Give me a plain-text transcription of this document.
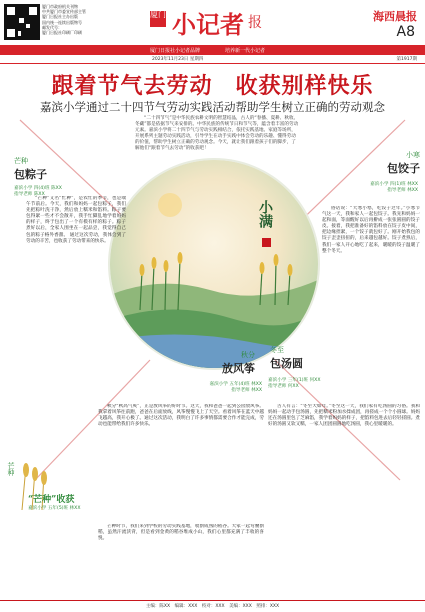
厦门市政府机关刊物
中共厦门市委宣传部主管
厦门日报社主办出版
国内统一连续出版物号
邮发代号：
厦门日报社印刷厂印刷
厦门 小记者 报	海西晨报
A8
厦门日报社小记者品牌	培养新一代小记者
2023年11月23日 星期四	第1917期
跟着节气去劳动　收获别样快乐
嘉滨小学通过二十四节气劳动实践活动帮助学生树立正确的劳动观念
“二十四节气”是中华民族农耕文明的智慧结晶，古人的“春播、夏耕、秋收、冬藏”都是依据节气来安排的。中华民族的传统节日和节气等，蕴含着丰富的劳动元素。嘉滨小学将二十四节气与劳动实践相结合，依托实践基地、家庭等场所，开展系列主题劳动实践活动，引导学生在动手实践中体会劳动的乐趣、懂得劳动的价值，帮助学生树立正确的劳动观念。今天，就让我们跟着孩子们的脚步，了解他们“跟着节气去劳动”的收获吧！
小满
芒种
包粽子
嘉滨小学 四(4)班 陈XX
指导老师 陈XX
“芒种”又名“忙种”，是农忙的季节，也是端午节前后。今天，我们和妈妈一起包粽子，我们先把粽叶洗干净，然后放上糯米和馅料。粽子要包得紧一些才不会散开，我手忙脚乱地学着妈妈的样子，终于包出了一个有模有样的粽子。粽子煮好以后，全家人围坐在一起品尝，我觉得自己包的粽子格外香甜。 通过这次劳动，我体会到了劳动的辛苦，也收获了劳动带来的快乐。
小寒
包饺子
嘉滨小学 四(1)班 林XX
指导老师 林XX
俗话说：“大寒小寒，吃饺子过年。”小寒节气这一天，我和家人一起包饺子。我先和妈妈一起和面，等面醒好以后再擀成一张张圆圆的饺子皮。接着，我把准备好的馅料放在饺子皮中间，把边缘捏紧，一个饺子就包好了。刚开始我包的饺子歪歪扭扭的，后来越包越好。饺子煮熟后，我们一家人开心地吃了起来，暖暖的饺子温暖了整个冬天。
秋分
放风筝
嘉滨小学 五年(4)班 林XX
指导老师 林XX
秋分“秋高气爽”，正是放风筝的好时节。这天，我和爸爸一起到公园放风筝。我拿着风筝往前跑，爸爸在后面放线，风筝慢慢飞上了天空。看着风筝在蓝天中越飞越高，我开心极了。通过这次活动，我明白了许多事情都需要合作才能完成，劳动也能带给我们许多快乐。
冬至
包汤圆
嘉滨小学 三年(1)班 何XX
指导老师 何XX
古人有言：“冬至大如年。”冬至这一天，我们家有吃汤圆的习俗。我和妈妈一起动手包汤圆，先把糯米粉加水揉成团，再搓成一个个小圆球。妈妈还在汤圆里包了芝麻馅，我学着妈妈的样子，把馅料包进去后轻轻搓圆。煮好的汤圆又软又糯，一家人团团圆圆地吃汤圆，我心里暖暖的。
芒种
“芒种”收获
嘉滨小学 五年(5)班 林XX
芒种时节，我们来到学校的劳动实践基地，收割成熟的稻谷。大家一起弯腰割稻，虽然汗流浃背，但是看到金黄的稻谷堆成小山，我们心里都充满了丰收的喜悦。
主编：陈XX　编辑：XXX　校对：XXX　美编：XXX　照排：XXX
